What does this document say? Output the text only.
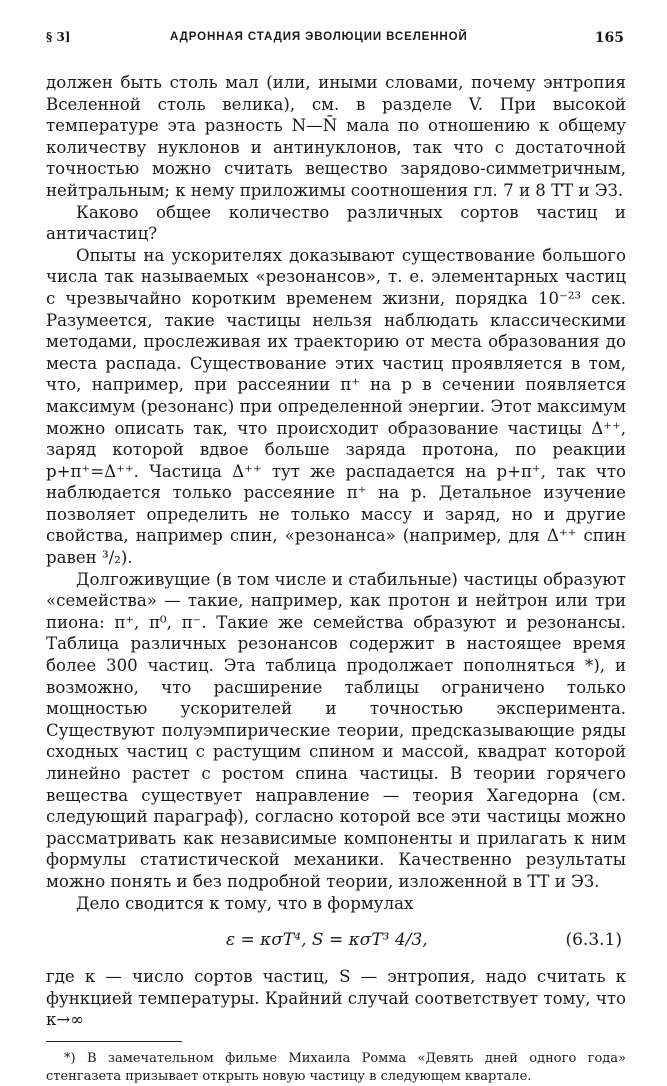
§ 3]	АДРОННАЯ СТАДИЯ ЭВОЛЮЦИИ ВСЕЛЕННОЙ	165

должен быть столь мал (или, иными словами, почему энтропия Вселенной столь велика), см. в разделе V. При высокой температуре эта разность N—N̄ мала по отношению к общему количеству нуклонов и антинуклонов, так что с достаточной точностью можно считать вещество зарядово-симметричным, нейтральным; к нему приложимы соотношения гл. 7 и 8 ТТ и ЭЗ.

Каково общее количество различных сортов частиц и античастиц?

Опыты на ускорителях доказывают существование большого числа так называемых «резонансов», т. е. элементарных частиц с чрезвычайно коротким временем жизни, порядка 10⁻²³ сек. Разумеется, такие частицы нельзя наблюдать классическими методами, прослеживая их траекторию от места образования до места распада. Существование этих частиц проявляется в том, что, например, при рассеянии π⁺ на p в сечении появляется максимум (резонанс) при определенной энергии. Этот максимум можно описать так, что происходит образование частицы Δ⁺⁺, заряд которой вдвое больше заряда протона, по реакции p+π⁺=Δ⁺⁺. Частица Δ⁺⁺ тут же распадается на p+π⁺, так что наблюдается только рассеяние π⁺ на p. Детальное изучение позволяет определить не только массу и заряд, но и другие свойства, например спин, «резонанса» (например, для Δ⁺⁺ спин равен ³/₂).

Долгоживущие (в том числе и стабильные) частицы образуют «семейства» — такие, например, как протон и нейтрон или три пиона: π⁺, π⁰, π⁻. Такие же семейства образуют и резонансы. Таблица различных резонансов содержит в настоящее время более 300 частиц. Эта таблица продолжает пополняться *), и возможно, что расширение таблицы ограничено только мощностью ускорителей и точностью эксперимента. Существуют полуэмпирические теории, предсказывающие ряды сходных частиц с растущим спином и массой, квадрат которой линейно растет с ростом спина частицы. В теории горячего вещества существует направление — теория Хагедорна (см. следующий параграф), согласно которой все эти частицы можно рассматривать как независимые компоненты и прилагать к ним формулы статистической механики. Качественно результаты можно понять и без подробной теории, изложенной в ТТ и ЭЗ.

Дело сводится к тому, что в формулах

ε = κσT⁴, S = κσT³ 4/3,	(6.3.1)

где κ — число сортов частиц, S — энтропия, надо считать κ функцией температуры. Крайний случай соответствует тому, что κ→∞

*) В замечательном фильме Михаила Ромма «Девять дней одного года» стенгазета призывает открыть новую частицу в следующем квартале.
